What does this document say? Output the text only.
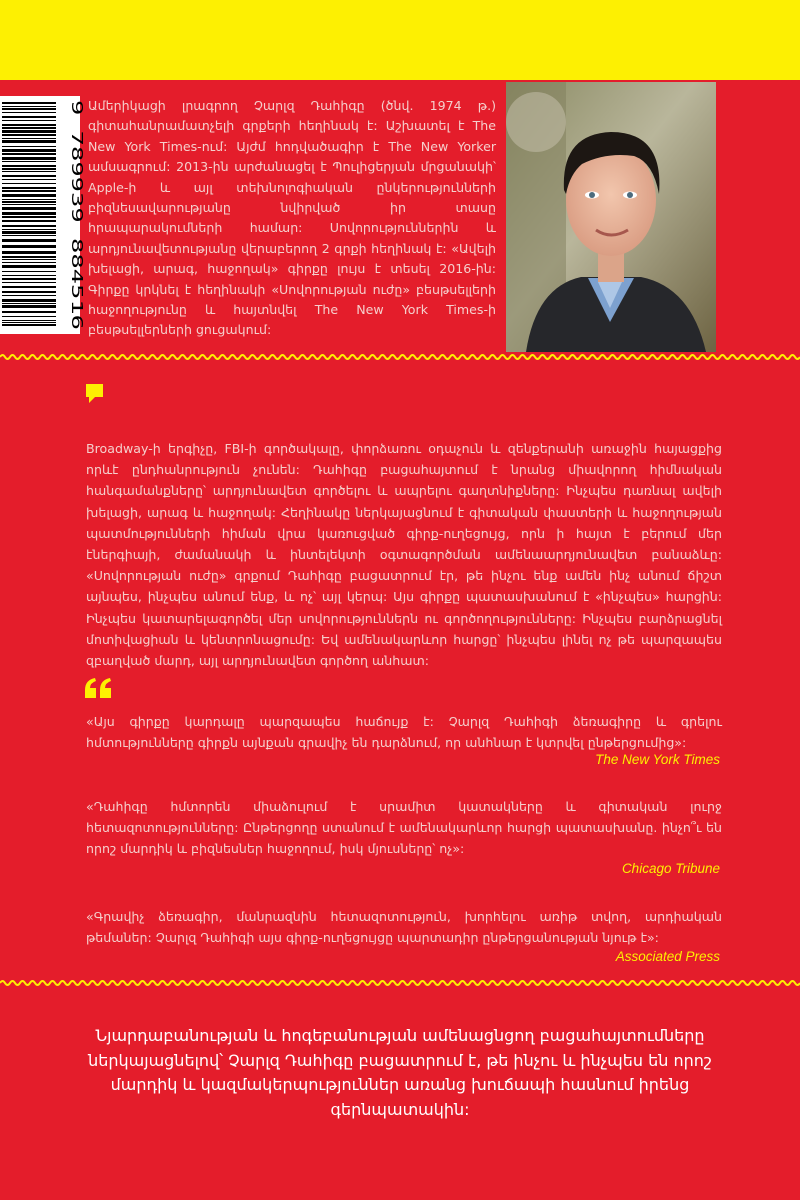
9 789939 884516 Ամերիկացի լրագրող Չարլզ Դահիգը (ծնվ. 1974 թ.) գիտահանրամատչելի գրքերի հեղինակ է: Աշխատել է The New York Times-ում: Այժմ հոդվածագիր է The New Yorker ամսագրում: 2013-ին արժանացել է Պուլիցերյան մրցանակի՝ Apple-ի և այլ տեխնոլոգիական ընկերությունների բիզնեսավարությանը նվիրված իր տասը հրապարակումների համար: Սովորություններին և արդյունավետությանը վերաբերող 2 գրքի հեղինակ է: «Ավելի խելացի, արագ, հաջողակ» գիրքը լույս է տեսել 2016-ին: Գիրքը կրկնել է հեղինակի «Սովորության ուժը» բեսթսելլերի հաջողությունը և հայտնվել The New York Times-ի բեսթսելլերների ցուցակում:

Broadway-ի երգիչը, FBI-ի գործակալը, փորձառու օդաչուն և զենքերանի առաջին հայացքից որևէ ընդհանրություն չունեն: Դահիգը բացահայտում է նրանց միավորող հիմնական հանգամանքները՝ արդյունավետ գործելու և ապրելու գաղտնիքները: Ինչպես դառնալ ավելի խելացի, արագ և հաջողակ: Հեղինակը ներկայացնում է գիտական փաստերի և հաջողության պատմությունների հիման վրա կառուցված գիրք-ուղեցույց, որն ի հայտ է բերում մեր էներգիայի, ժամանակի և ինտելեկտի օգտագործման ամենաարդյունավետ բանաձևը: «Սովորության ուժը» գրքում Դահիգը բացատրում էր, թե ինչու ենք ամեն ինչ անում ճիշտ այնպես, ինչպես անում ենք, և ոչ՝ այլ կերպ: Այս գիրքը պատասխանում է «ինչպես» հարցին: Ինչպես կատարելագործել մեր սովորություններն ու գործողությունները: Ինչպես բարձրացնել մոտիվացիան և կենտրոնացումը: Եվ ամենակարևոր հարցը՝ ինչպես լինել ոչ թե պարզապես զբաղված մարդ, այլ արդյունավետ գործող անհատ:

«Այս գիրքը կարդալը պարզապես հաճույք է: Չարլզ Դահիգի ձեռագիրը և գրելու հմտությունները գիրքն այնքան գրավիչ են դարձնում, որ անհնար է կտրվել ընթերցումից»:

The New York Times

«Դահիգը հմտորեն միաձուլում է սրամիտ կատակները և գիտական լուրջ հետազոտությունները: Ընթերցողը ստանում է ամենակարևոր հարցի պատասխանը. ինչո՞ւ են որոշ մարդիկ և բիզնեսներ հաջողում, իսկ մյուսները՝ ոչ»:

Chicago Tribune

«Գրավիչ ձեռագիր, մանրազնին հետազոտություն, խորհելու առիթ տվող, արդիական թեմաներ: Չարլզ Դահիգի այս գիրք-ուղեցույցը պարտադիր ընթերցանության նյութ է»:

Associated Press

Նյարդաբանության և հոգեբանության ամենացնցող բացահայտումները ներկայացնելով՝ Չարլզ Դահիգը բացատրում է, թե ինչու և ինչպես են որոշ մարդիկ և կազմակերպություններ առանց խուճապի հասնում իրենց գերնպատակին:
